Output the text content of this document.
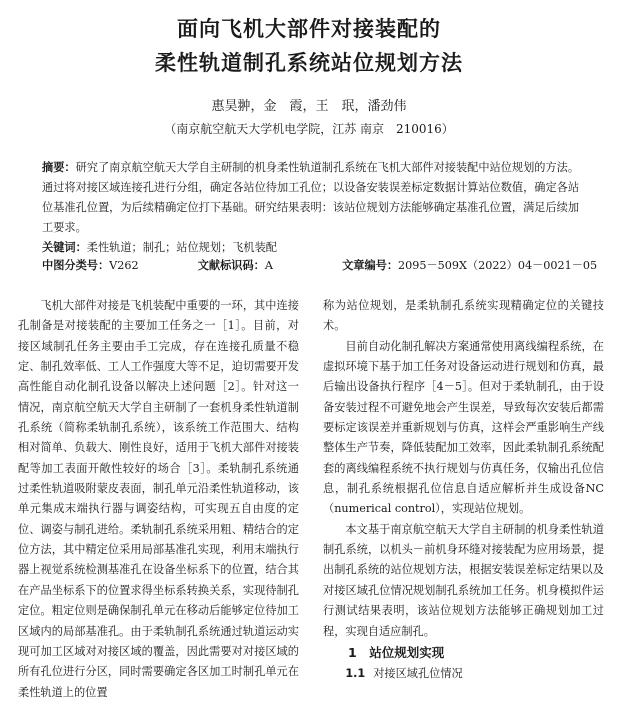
面向飞机大部件对接装配的
柔性轨道制孔系统站位规划方法
惠昊翀，金　霞，王　珉，潘劲伟
（南京航空航天大学机电学院，江苏 南京　210016）
摘要：研究了南京航空航天大学自主研制的机身柔性轨道制孔系统在飞机大部件对接装配中站位规划的方法。通过将对接区域连接孔进行分组，确定各站位待加工孔位；以设备安装误差标定数据计算站位数值，确定各站位基准孔位置，为后续精确定位打下基础。研究结果表明：该站位规划方法能够确定基准孔位置，满足后续加工要求。
关键词：柔性轨道；制孔；站位规划；飞机装配
中图分类号：V262	文献标识码：A	文章编号：2095－509X（2022）04－0021－05

飞机大部件对接是飞机装配中重要的一环，其中连接孔制备是对接装配的主要加工任务之一［1］。目前，对接区域制孔任务主要由手工完成，存在连接孔质量不稳定、制孔效率低、工人工作强度大等不足，迫切需要开发高性能自动化制孔设备以解决上述问题［2］。针对这一情况，南京航空航天大学自主研制了一套机身柔性轨道制孔系统（简称柔轨制孔系统），该系统工作范围大、结构相对简单、负载大、刚性良好，适用于飞机大部件对接装配等加工表面开敞性较好的场合［3］。柔轨制孔系统通过柔性轨道吸附蒙皮表面，制孔单元沿柔性轨道移动，该单元集成末端执行器与调姿结构，可实现五自由度的定位、调姿与制孔进给。柔轨制孔系统采用粗、精结合的定位方法，其中精定位采用局部基准孔实现，利用末端执行器上视觉系统检测基准孔在设备坐标系下的位置，结合其在产品坐标系下的位置求得坐标系转换关系，实现待制孔定位。粗定位则是确保制孔单元在移动后能够定位待加工区域内的局部基准孔。由于柔轨制孔系统通过轨道运动实现可加工区域对对接区域的覆盖，因此需要对对接区域的所有孔位进行分区，同时需要确定各区加工时制孔单元在柔性轨道上的位置

称为站位规划，是柔轨制孔系统实现精确定位的关键技术。

目前自动化制孔解决方案通常使用离线编程系统，在虚拟环境下基于加工任务对设备运动进行规划和仿真，最后输出设备执行程序［4－5］。但对于柔轨制孔，由于设备安装过程不可避免地会产生误差，导致每次安装后都需要标定该误差并重新规划与仿真，这样会严重影响生产线整体生产节奏，降低装配加工效率，因此柔轨制孔系统配套的离线编程系统不执行规划与仿真任务，仅输出孔位信息，制孔系统根据孔位信息自适应解析并生成设备NC（numerical control），实现站位规划。

本文基于南京航空航天大学自主研制的机身柔性轨道制孔系统，以机头－前机身环缝对接装配为应用场景，提出制孔系统的站位规划方法，根据安装误差标定结果以及对接区域孔位情况规划制孔系统加工任务。机身模拟件运行测试结果表明，该站位规划方法能够正确规划加工过程，实现自适应制孔。

1　站位规划实现

1.1 对接区域孔位情况
